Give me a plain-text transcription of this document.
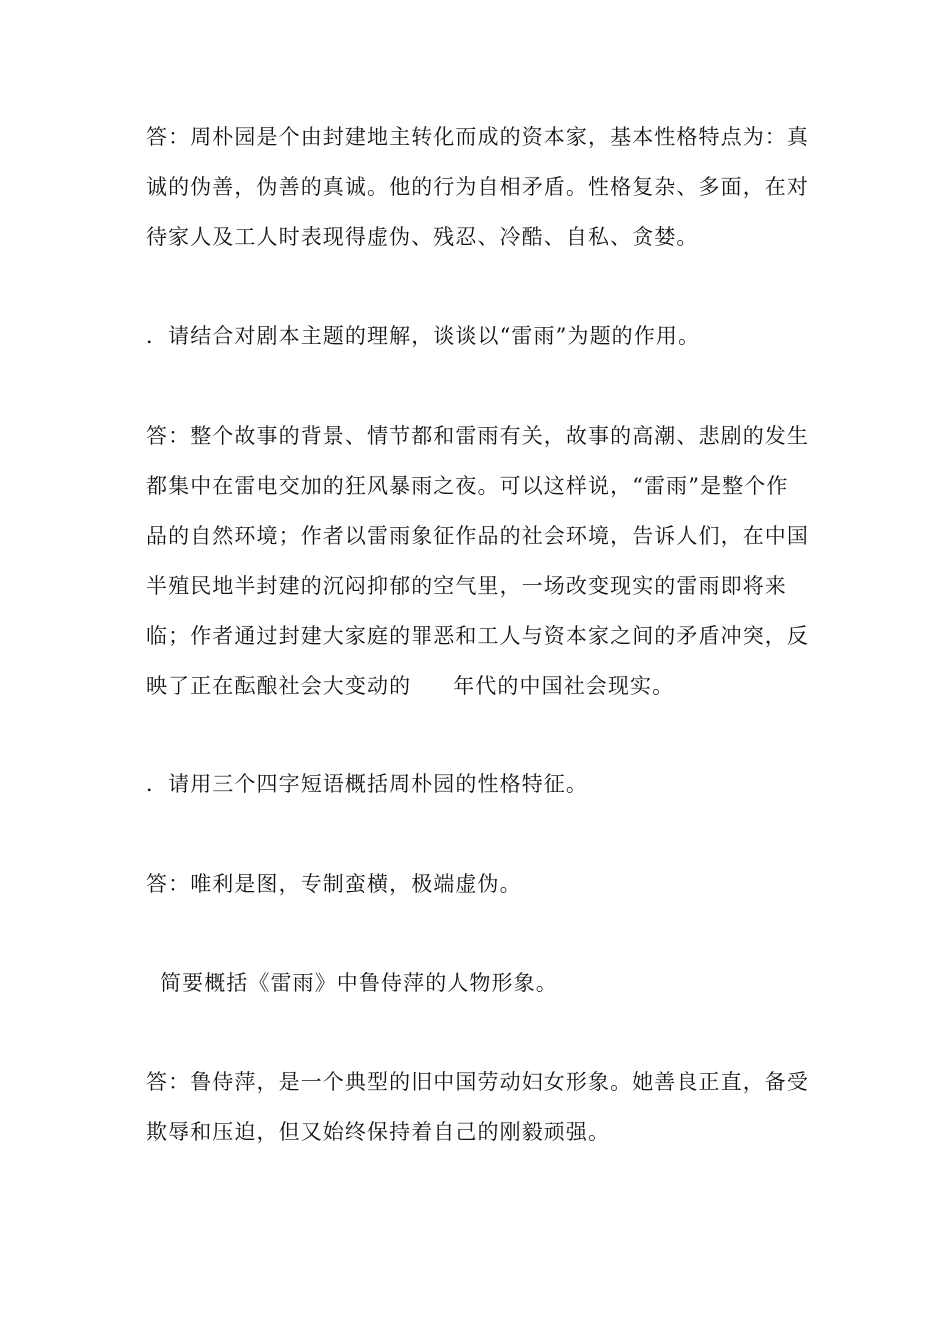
答：周朴园是个由封建地主转化而成的资本家，基本性格特点为：真
诚的伪善，伪善的真诚。他的行为自相矛盾。性格复杂、多面，在对
待家人及工人时表现得虚伪、残忍、冷酷、自私、贪婪。

．请结合对剧本主题的理解，谈谈以“雷雨”为题的作用。

答：整个故事的背景、情节都和雷雨有关，故事的高潮、悲剧的发生
都集中在雷电交加的狂风暴雨之夜。可以这样说，“雷雨”是整个作
品的自然环境；作者以雷雨象征作品的社会环境，告诉人们，在中国
半殖民地半封建的沉闷抑郁的空气里，一场改变现实的雷雨即将来
临；作者通过封建大家庭的罪恶和工人与资本家之间的矛盾冲突，反
映了正在酝酿社会大变动的 年代的中国社会现实。

．请用三个四字短语概括周朴园的性格特征。

答：唯利是图，专制蛮横，极端虚伪。

简要概括《雷雨》中鲁侍萍的人物形象。

答：鲁侍萍，是一个典型的旧中国劳动妇女形象。她善良正直，备受
欺辱和压迫，但又始终保持着自己的刚毅顽强。
